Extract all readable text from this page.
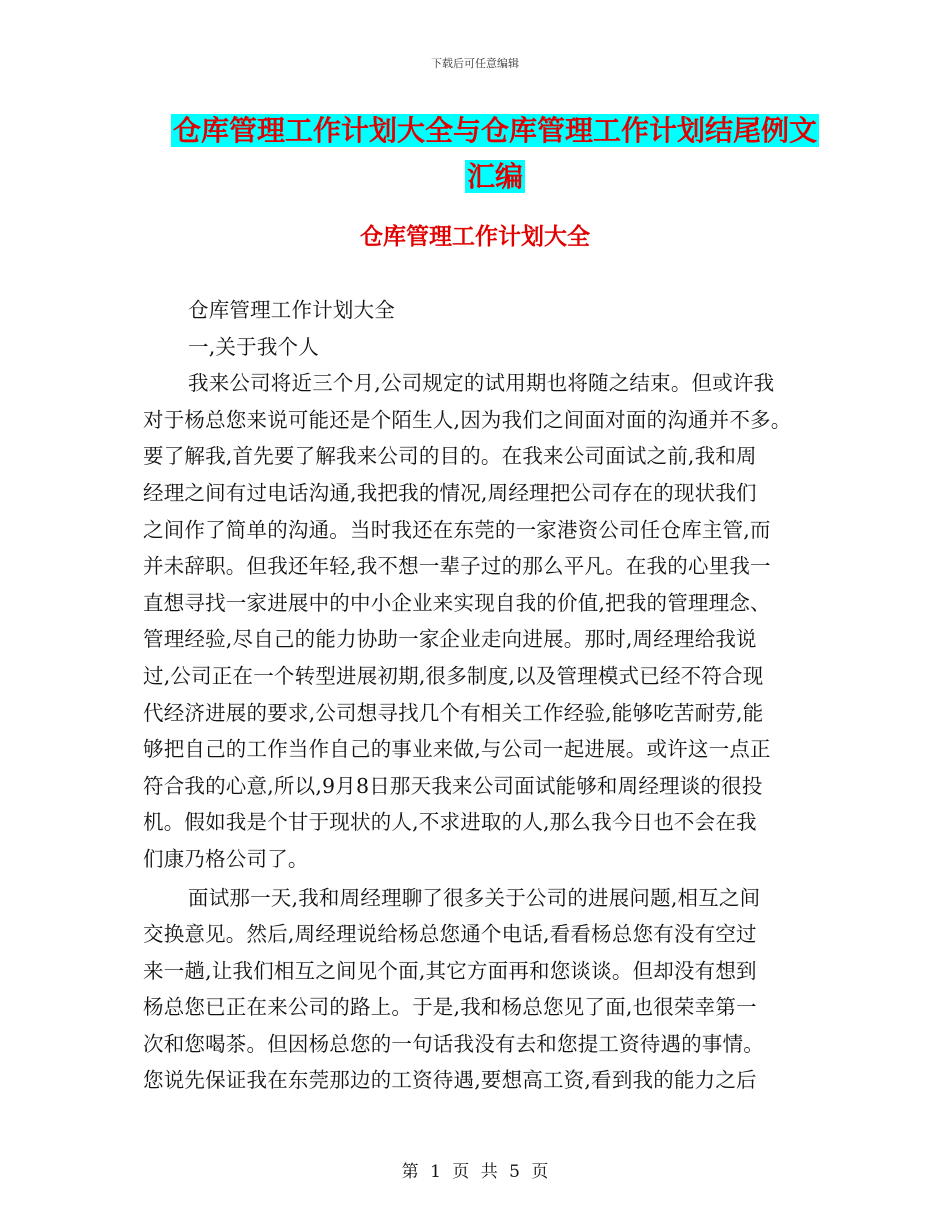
下载后可任意编辑
仓库管理工作计划大全与仓库管理工作计划结尾例文
汇编
仓库管理工作计划大全
仓库管理工作计划大全
一,关于我个人
我来公司将近三个月,公司规定的试用期也将随之结束。但或许我
对于杨总您来说可能还是个陌生人,因为我们之间面对面的沟通并不多。
要了解我,首先要了解我来公司的目的。在我来公司面试之前,我和周
经理之间有过电话沟通,我把我的情况,周经理把公司存在的现状我们
之间作了简单的沟通。当时我还在东莞的一家港资公司任仓库主管,而
并未辞职。但我还年轻,我不想一辈子过的那么平凡。在我的心里我一
直想寻找一家进展中的中小企业来实现自我的价值,把我的管理理念、
管理经验,尽自己的能力协助一家企业走向进展。那时,周经理给我说
过,公司正在一个转型进展初期,很多制度,以及管理模式已经不符合现
代经济进展的要求,公司想寻找几个有相关工作经验,能够吃苦耐劳,能
够把自己的工作当作自己的事业来做,与公司一起进展。或许这一点正
符合我的心意,所以,9月8日那天我来公司面试能够和周经理谈的很投
机。假如我是个甘于现状的人,不求进取的人,那么我今日也不会在我
们康乃格公司了。
面试那一天,我和周经理聊了很多关于公司的进展问题,相互之间
交换意见。然后,周经理说给杨总您通个电话,看看杨总您有没有空过
来一趟,让我们相互之间见个面,其它方面再和您谈谈。但却没有想到
杨总您已正在来公司的路上。于是,我和杨总您见了面,也很荣幸第一
次和您喝茶。但因杨总您的一句话我没有去和您提工资待遇的事情。
您说先保证我在东莞那边的工资待遇,要想高工资,看到我的能力之后
第 1 页 共 5 页
